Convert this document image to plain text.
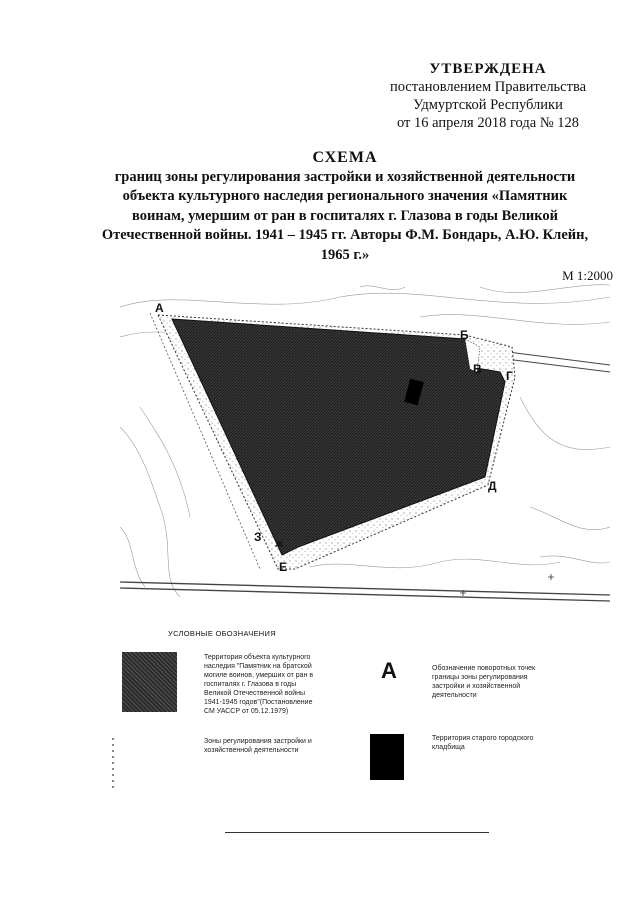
УТВЕРЖДЕНА
постановлением Правительства
Удмуртской Республики
от 16 апреля 2018 года № 128
СХЕМА
границ зоны регулирования застройки и хозяйственной деятельности
объекта культурного наследия регионального значения «Памятник
воинам, умершим от ран в госпиталях г. Глазова в годы Великой
Отечественной войны. 1941 – 1945 гг. Авторы Ф.М. Бондарь, А.Ю. Клейн,
1965 г.»
М 1:2000
А
Б
В Г
Д
З Ж
Е
УСЛОВНЫЕ ОБОЗНАЧЕНИЯ
Территория объекта культурного
наследия "Памятник на братской
могиле воинов, умерших от ран в
госпиталях г. Глазова в годы
Великой Отечественной войны
1941-1945 годов"(Постановление
СМ УАССР от 05.12.1979)
А	Обозначение поворотных точек
границы зоны регулирования
застройки и хозяйственной
деятельности
Зоны регулирования застройки и
хозяйственной деятельности
Территория старого городского
кладбища
